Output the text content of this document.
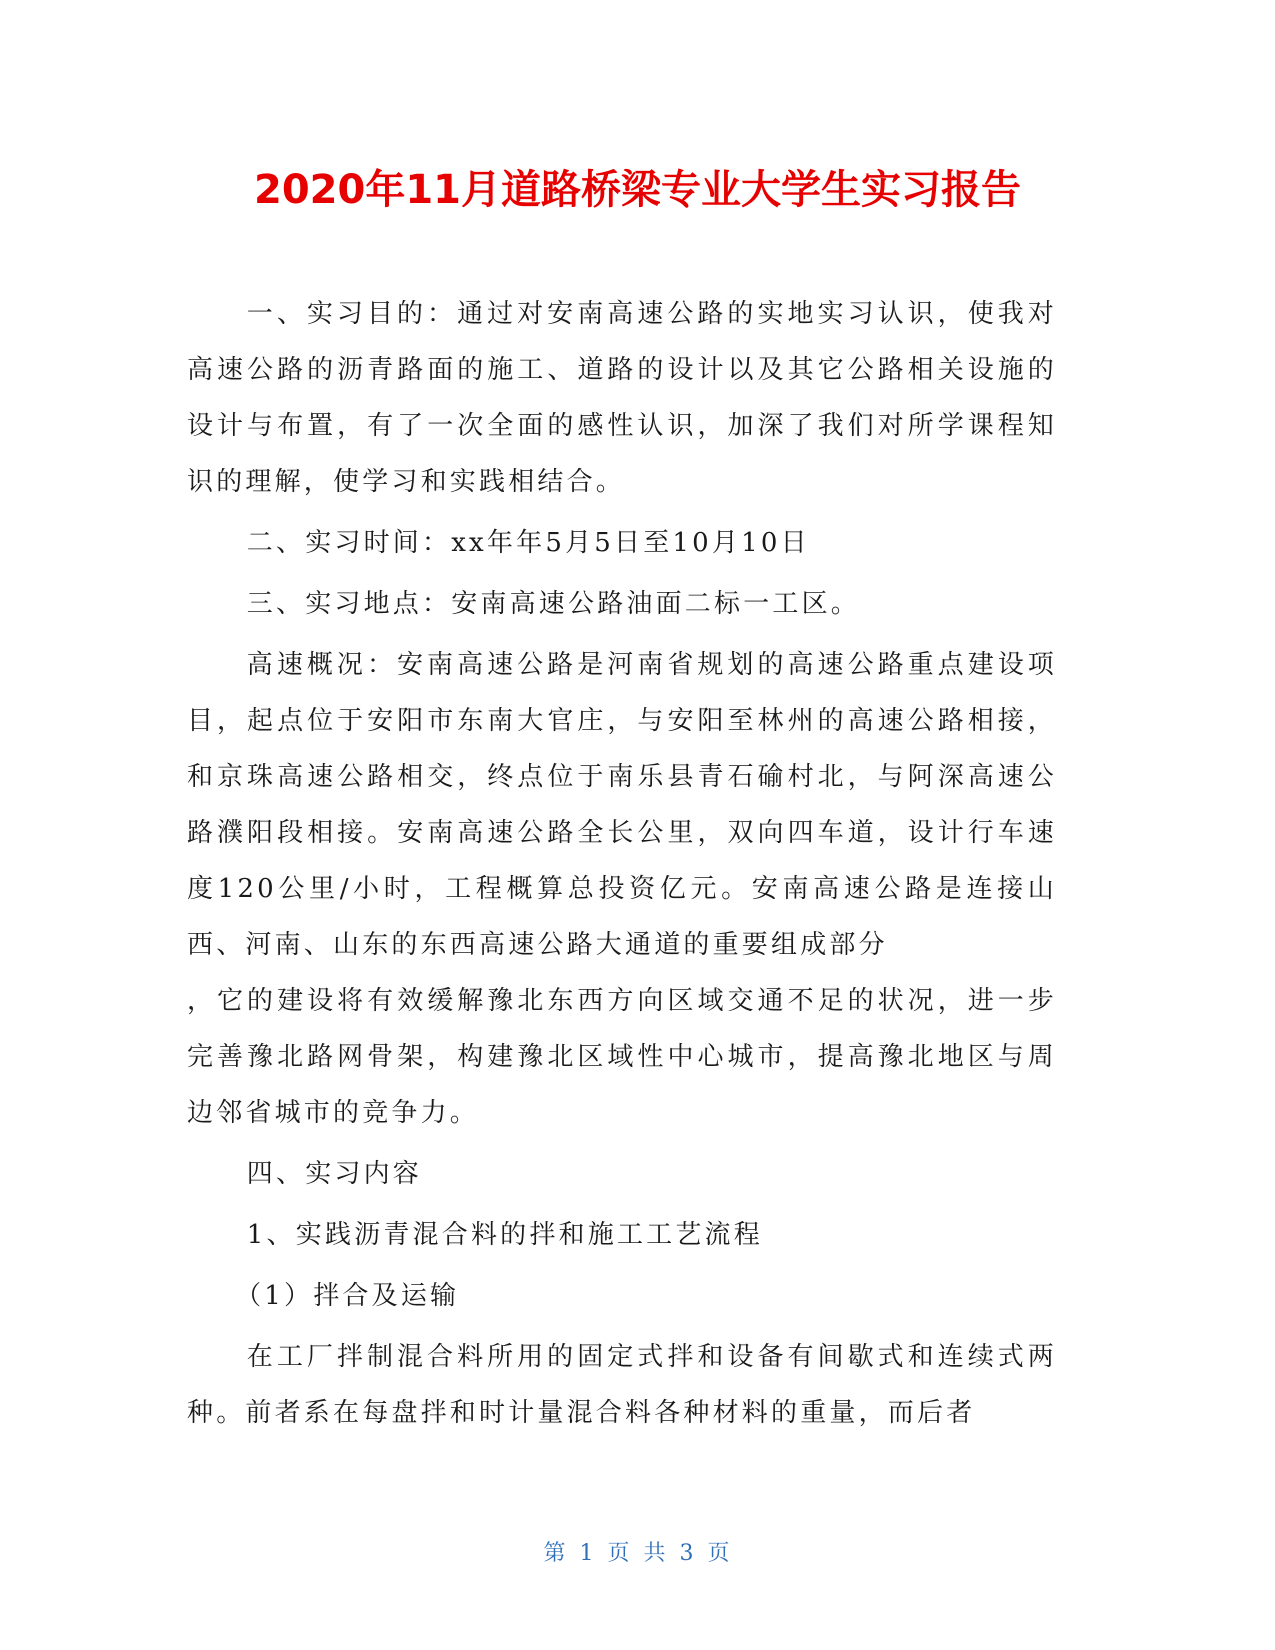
2020年11月道路桥梁专业大学生实习报告

一、实习目的：通过对安南高速公路的实地实习认识，使我对高速公路的沥青路面的施工、道路的设计以及其它公路相关设施的设计与布置，有了一次全面的感性认识，加深了我们对所学课程知识的理解，使学习和实践相结合。

二、实习时间：xx年年5月5日至10月10日

三、实习地点：安南高速公路油面二标一工区。

高速概况：安南高速公路是河南省规划的高速公路重点建设项目，起点位于安阳市东南大官庄，与安阳至林州的高速公路相接，和京珠高速公路相交，终点位于南乐县青石䃋村北，与阿深高速公路濮阳段相接。安南高速公路全长公里，双向四车道，设计行车速度120公里/小时，工程概算总投资亿元。安南高速公路是连接山西、河南、山东的东西高速公路大通道的重要组成部分
，它的建设将有效缓解豫北东西方向区域交通不足的状况，进一步完善豫北路网骨架，构建豫北区域性中心城市，提高豫北地区与周边邻省城市的竞争力。

四、实习内容

1、实践沥青混合料的拌和施工工艺流程

（1）拌合及运输

在工厂拌制混合料所用的固定式拌和设备有间歇式和连续式两种。前者系在每盘拌和时计量混合料各种材料的重量，而后者

第 1 页 共 3 页
